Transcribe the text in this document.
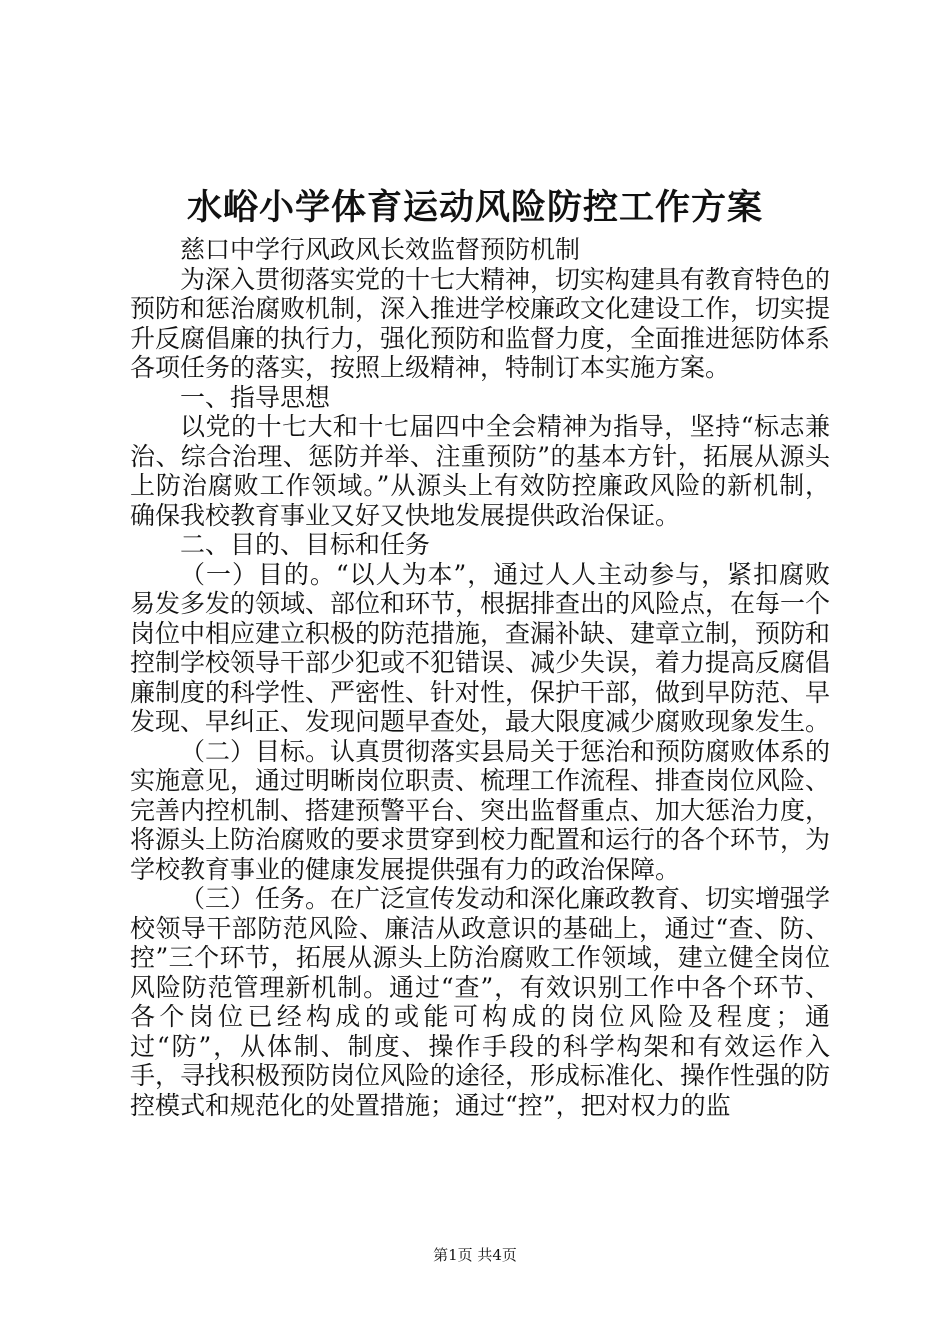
水峪小学体育运动风险防控工作方案

慈口中学行风政风长效监督预防机制

为深入贯彻落实党的十七大精神，切实构建具有教育特色的预防和惩治腐败机制，深入推进学校廉政文化建设工作，切实提升反腐倡廉的执行力，强化预防和监督力度，全面推进惩防体系各项任务的落实，按照上级精神，特制订本实施方案。

一、指导思想

以党的十七大和十七届四中全会精神为指导，坚持“标志兼治、综合治理、惩防并举、注重预防”的基本方针，拓展从源头上防治腐败工作领域。”从源头上有效防控廉政风险的新机制，确保我校教育事业又好又快地发展提供政治保证。

二、目的、目标和任务

（一）目的。“以人为本”，通过人人主动参与，紧扣腐败易发多发的领域、部位和环节，根据排查出的风险点，在每一个岗位中相应建立积极的防范措施，查漏补缺、建章立制，预防和控制学校领导干部少犯或不犯错误、减少失误，着力提高反腐倡廉制度的科学性、严密性、针对性，保护干部，做到早防范、早发现、早纠正、发现问题早查处，最大限度减少腐败现象发生。

（二）目标。认真贯彻落实县局关于惩治和预防腐败体系的实施意见，通过明晰岗位职责、梳理工作流程、排查岗位风险、完善内控机制、搭建预警平台、突出监督重点、加大惩治力度，将源头上防治腐败的要求贯穿到校力配置和运行的各个环节，为学校教育事业的健康发展提供强有力的政治保障。

（三）任务。在广泛宣传发动和深化廉政教育、切实增强学校领导干部防范风险、廉洁从政意识的基础上，通过“查、防、控”三个环节，拓展从源头上防治腐败工作领域，建立健全岗位风险防范管理新机制。通过“查”，有效识别工作中各个环节、各个岗位已经构成的或能可构成的岗位风险及程度；通过“防”，从体制、制度、操作手段的科学构架和有效运作入手，寻找积极预防岗位风险的途径，形成标准化、操作性强的防控模式和规范化的处置措施；通过“控”，把对权力的监

第1页 共4页
